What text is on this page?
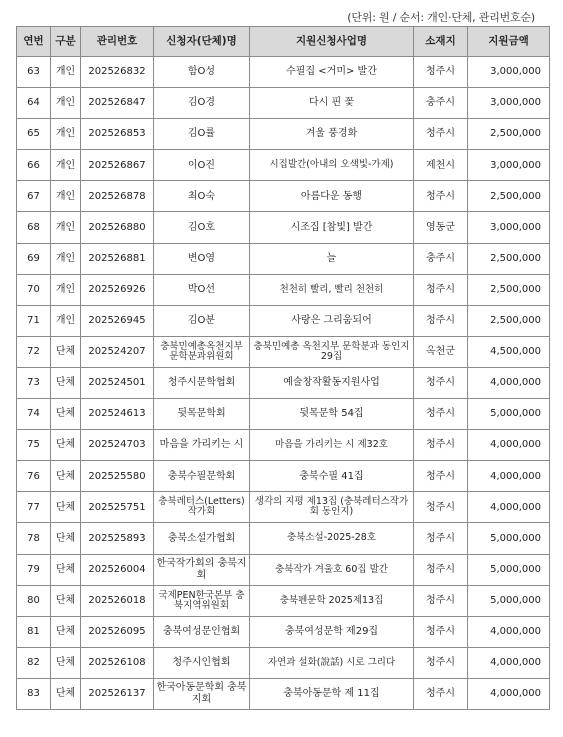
(단위: 원 / 순서: 개인·단체, 관리번호순)
연번	구분	관리번호	신청자(단체)명	지원신청사업명	소재지	지원금액
63	개인	202526832	함O성	수필집 <거미> 발간	청주시	3,000,000
64	개인	202526847	김O경	다시 핀 꽃	충주시	3,000,000
65	개인	202526853	김O률	겨울 풍경화	청주시	2,500,000
66	개인	202526867	이O진	시집발간(아내의 오색빛-가제)	제천시	3,000,000
67	개인	202526878	최O숙	아름다운 동행	청주시	2,500,000
68	개인	202526880	김O호	시조집 [참빛] 발간	영동군	3,000,000
69	개인	202526881	변O영	늘	충주시	2,500,000
70	개인	202526926	박O선	천천히 빨리, 빨리 천천히	청주시	2,500,000
71	개인	202526945	김O분	사랑은 그리움되어	청주시	2,500,000
72	단체	202524207	충북민예총옥천지부문학분과위원회	충북민예총 옥천지부 문학분과 동인지 29집	옥천군	4,500,000
73	단체	202524501	청주시문학협회	예술창작활동지원사업	청주시	4,000,000
74	단체	202524613	뒷목문학회	뒷목문학 54집	청주시	5,000,000
75	단체	202524703	마음을 가리키는 시	마음을 가리키는 시 제32호	청주시	4,000,000
76	단체	202525580	충북수필문학회	충북수필 41집	청주시	4,000,000
77	단체	202525751	충북레터스(Letters)작가회	생각의 지평 제13집 (충북레터스작가회 동인지)	청주시	4,000,000
78	단체	202525893	충북소설가협회	충북소설-2025-28호	청주시	5,000,000
79	단체	202526004	한국작가회의 충북지회	충북작가 겨울호 60집 발간	청주시	5,000,000
80	단체	202526018	국제PEN한국본부 충북지역위원회	충북펜문학 2025제13집	청주시	5,000,000
81	단체	202526095	충북여성문인협회	충북여성문학 제29집	청주시	4,000,000
82	단체	202526108	청주시인협회	자연과 설화(說話) 시로 그리다	청주시	4,000,000
83	단체	202526137	한국아동문학회 충북지회	충북아동문학 제 11집	청주시	4,000,000
